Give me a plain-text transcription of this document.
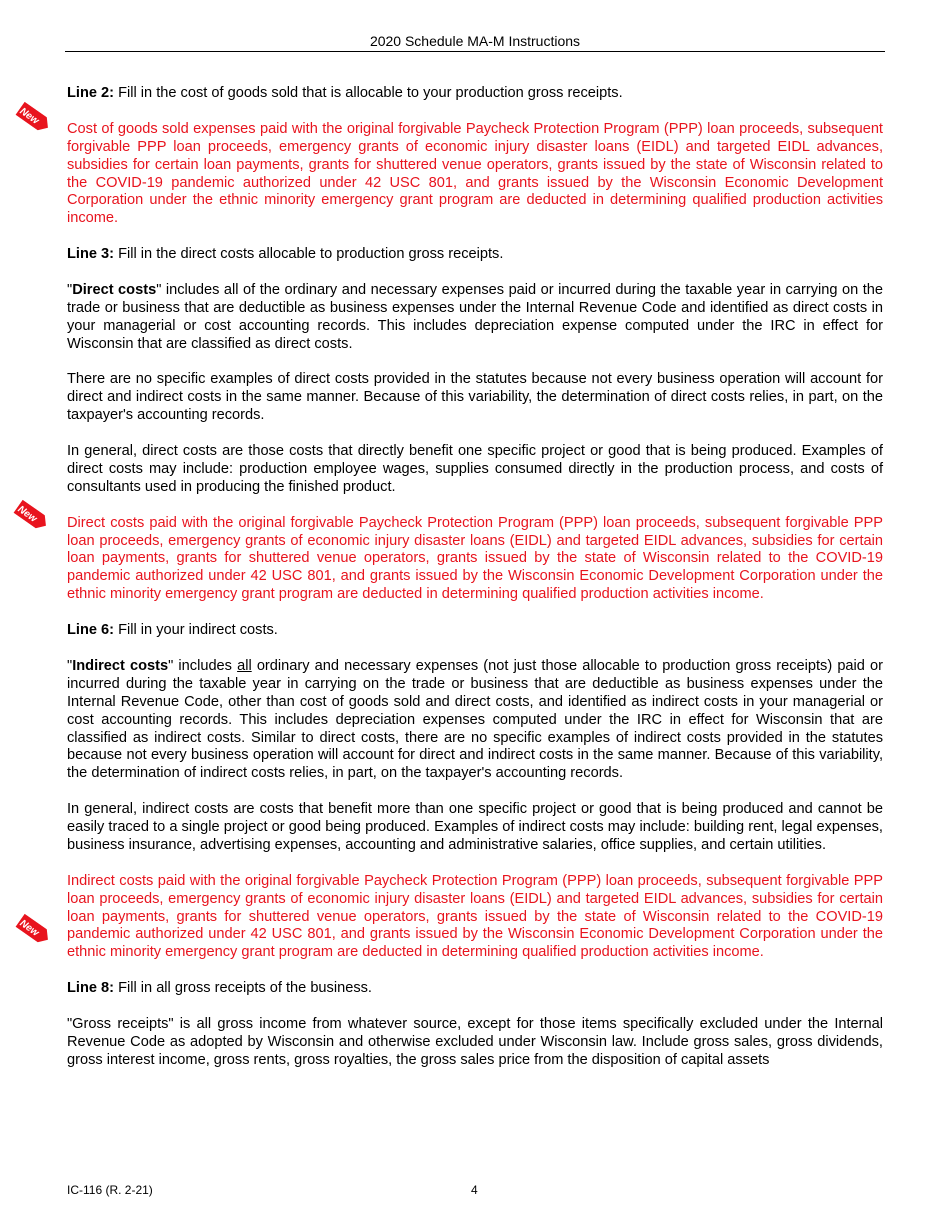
2020 Schedule MA-M Instructions
New
New
New

Line 2: Fill in the cost of goods sold that is allocable to your production gross receipts.

Cost of goods sold expenses paid with the original forgivable Paycheck Protection Program (PPP) loan proceeds, subsequent forgivable PPP loan proceeds, emergency grants of economic injury disaster loans (EIDL) and targeted EIDL advances, subsidies for certain loan payments, grants for shuttered venue operators, grants issued by the state of Wisconsin related to the COVID-19 pandemic authorized under 42 USC 801, and grants issued by the Wisconsin Economic Development Corporation under the ethnic minority emergency grant program are deducted in determining qualified production activities income.

Line 3: Fill in the direct costs allocable to production gross receipts.

"Direct costs" includes all of the ordinary and necessary expenses paid or incurred during the taxable year in carrying on the trade or business that are deductible as business expenses under the Internal Revenue Code and identified as direct costs in your managerial or cost accounting records. This includes depreciation expense computed under the IRC in effect for Wisconsin that are classified as direct costs.

There are no specific examples of direct costs provided in the statutes because not every business operation will account for direct and indirect costs in the same manner. Because of this variability, the determination of direct costs relies, in part, on the taxpayer's accounting records.

In general, direct costs are those costs that directly benefit one specific project or good that is being produced. Examples of direct costs may include: production employee wages, supplies consumed directly in the production process, and costs of consultants used in producing the finished product.

Direct costs paid with the original forgivable Paycheck Protection Program (PPP) loan proceeds, subsequent forgivable PPP loan proceeds, emergency grants of economic injury disaster loans (EIDL) and targeted EIDL advances, subsidies for certain loan payments, grants for shuttered venue operators, grants issued by the state of Wisconsin related to the COVID-19 pandemic authorized under 42 USC 801, and grants issued by the Wisconsin Economic Development Corporation under the ethnic minority emergency grant program are deducted in determining qualified production activities income.

Line 6: Fill in your indirect costs.

"Indirect costs" includes all ordinary and necessary expenses (not just those allocable to production gross receipts) paid or incurred during the taxable year in carrying on the trade or business that are deductible as business expenses under the Internal Revenue Code, other than cost of goods sold and direct costs, and identified as indirect costs in your managerial or cost accounting records. This includes depreciation expenses computed under the IRC in effect for Wisconsin that are classified as indirect costs. Similar to direct costs, there are no specific examples of indirect costs provided in the statutes because not every business operation will account for direct and indirect costs in the same manner. Because of this variability, the determination of indirect costs relies, in part, on the taxpayer's accounting records.

In general, indirect costs are costs that benefit more than one specific project or good that is being produced and cannot be easily traced to a single project or good being produced. Examples of indirect costs may include: building rent, legal expenses, business insurance, advertising expenses, accounting and administrative salaries, office supplies, and certain utilities.

Indirect costs paid with the original forgivable Paycheck Protection Program (PPP) loan proceeds, subsequent forgivable PPP loan proceeds, emergency grants of economic injury disaster loans (EIDL) and targeted EIDL advances, subsidies for certain loan payments, grants for shuttered venue operators, grants issued by the state of Wisconsin related to the COVID-19 pandemic authorized under 42 USC 801, and grants issued by the Wisconsin Economic Development Corporation under the ethnic minority emergency grant program are deducted in determining qualified production activities income.

Line 8: Fill in all gross receipts of the business.

"Gross receipts" is all gross income from whatever source, except for those items specifically excluded under the Internal Revenue Code as adopted by Wisconsin and otherwise excluded under Wisconsin law. Include gross sales, gross dividends, gross interest income, gross rents, gross royalties, the gross sales price from the disposition of capital assets

IC-116 (R. 2-21)	4
